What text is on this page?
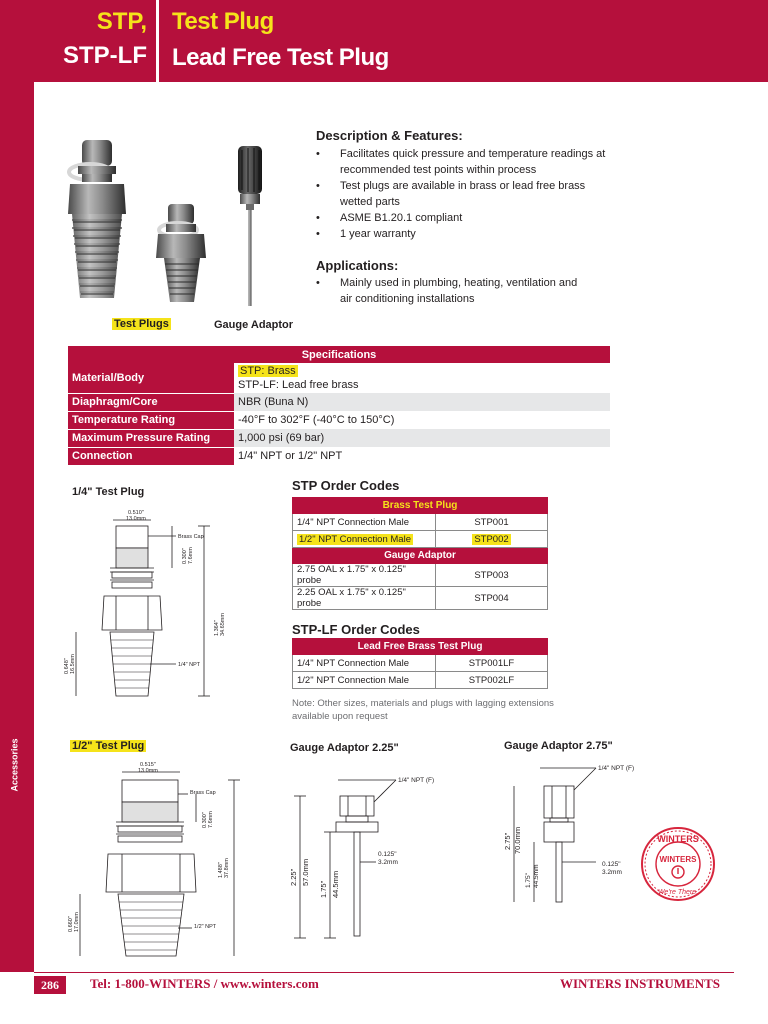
STP,
STP-LF
Test Plug
Lead Free Test Plug
Accessories
Test Plugs	Gauge Adaptor
Description & Features:
• Facilitates quick pressure and temperature readings at
recommended test points within process
• Test plugs are available in brass or lead free brass
wetted parts
• ASME B1.20.1 compliant
• 1 year warranty
Applications:
• Mainly used in plumbing, heating, ventilation and
air conditioning installations
Specifications	
Material/Body	STP: Brass
STP-LF: Lead free brass
Diaphragm/Core	NBR (Buna N)
Temperature Rating	-40°F to 302°F (-40°C to 150°C)
Maximum Pressure Rating	1,000 psi (69 bar)
Connection	1/4" NPT or 1/2" NPT
STP Order Codes
Brass Test Plug	
1/4" NPT Connection Male	STP001
1/2" NPT Connection Male	STP002
Gauge Adaptor	
2.75 OAL x 1.75" x 0.125" probe	STP003
2.25 OAL x 1.75" x 0.125" probe	STP004
STP-LF Order Codes
Lead Free Brass Test Plug	
1/4" NPT Connection Male	STP001LF
1/2" NPT Connection Male	STP002LF
Note: Other sizes, materials and plugs with lagging extensions
available upon request
1/4" Test Plug
0.510"
13.0mm
Brass Cap
1/4" NPT
0.300" 7.6mm
1.364" 34.65mm
0.648" 16.5mm
1/2" Test Plug
0.515"
13.0mm
Brass Cap
1/2" NPT
0.300" 7.6mm
1.488" 37.8mm
0.660" 17.0mm
Gauge Adaptor 2.25"
1/4" NPT (F)
0.125"
3.2mm
2.25" 57.0mm
1.75" 44.5mm
Gauge Adaptor 2.75"
1/4" NPT (F)
0.125"
3.2mm
2.75" 70.0mm
1.75" 44.5mm
WINTERS
WINTERS
We're There.
286	Tel: 1-800-WINTERS / www.winters.com	WINTERS INSTRUMENTS
